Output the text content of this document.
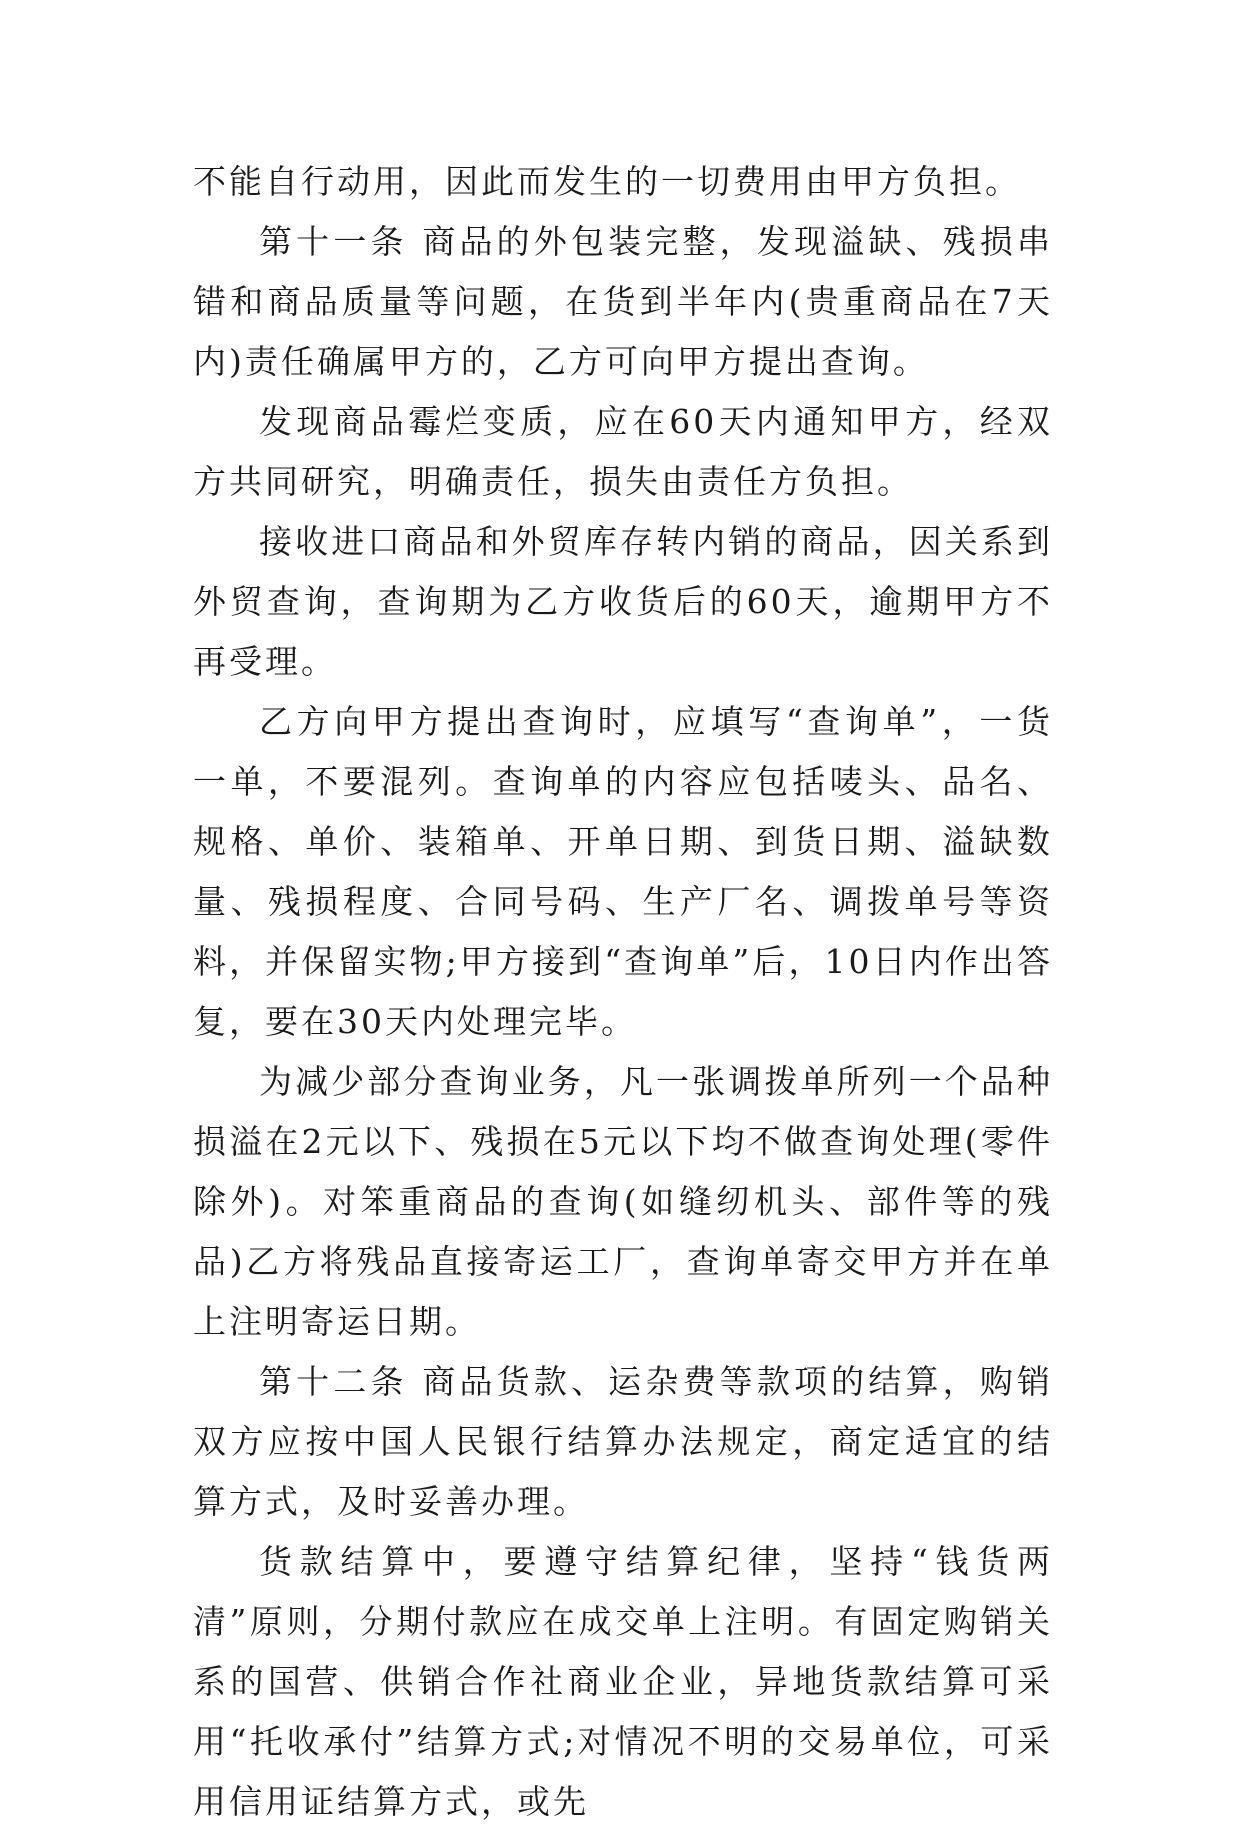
不能自行动用，因此而发生的一切费用由甲方负担。

第十一条 商品的外包装完整，发现溢缺、残损串错和商品质量等问题，在货到半年内(贵重商品在7天内)责任确属甲方的，乙方可向甲方提出查询。

发现商品霉烂变质，应在60天内通知甲方，经双方共同研究，明确责任，损失由责任方负担。

接收进口商品和外贸库存转内销的商品，因关系到外贸查询，查询期为乙方收货后的60天，逾期甲方不再受理。

乙方向甲方提出查询时，应填写“查询单”，一货一单，不要混列。查询单的内容应包括唛头、品名、规格、单价、装箱单、开单日期、到货日期、溢缺数量、残损程度、合同号码、生产厂名、调拨单号等资料，并保留实物;甲方接到“查询单”后，10日内作出答复，要在30天内处理完毕。

为减少部分查询业务，凡一张调拨单所列一个品种损溢在2元以下、残损在5元以下均不做查询处理(零件除外)。对笨重商品的查询(如缝纫机头、部件等的残品)乙方将残品直接寄运工厂，查询单寄交甲方并在单上注明寄运日期。

第十二条 商品货款、运杂费等款项的结算，购销双方应按中国人民银行结算办法规定，商定适宜的结算方式，及时妥善办理。

货款结算中，要遵守结算纪律，坚持“钱货两清”原则，分期付款应在成交单上注明。有固定购销关系的国营、供销合作社商业企业，异地货款结算可采用“托收承付”结算方式;对情况不明的交易单位，可采用信用证结算方式，或先
